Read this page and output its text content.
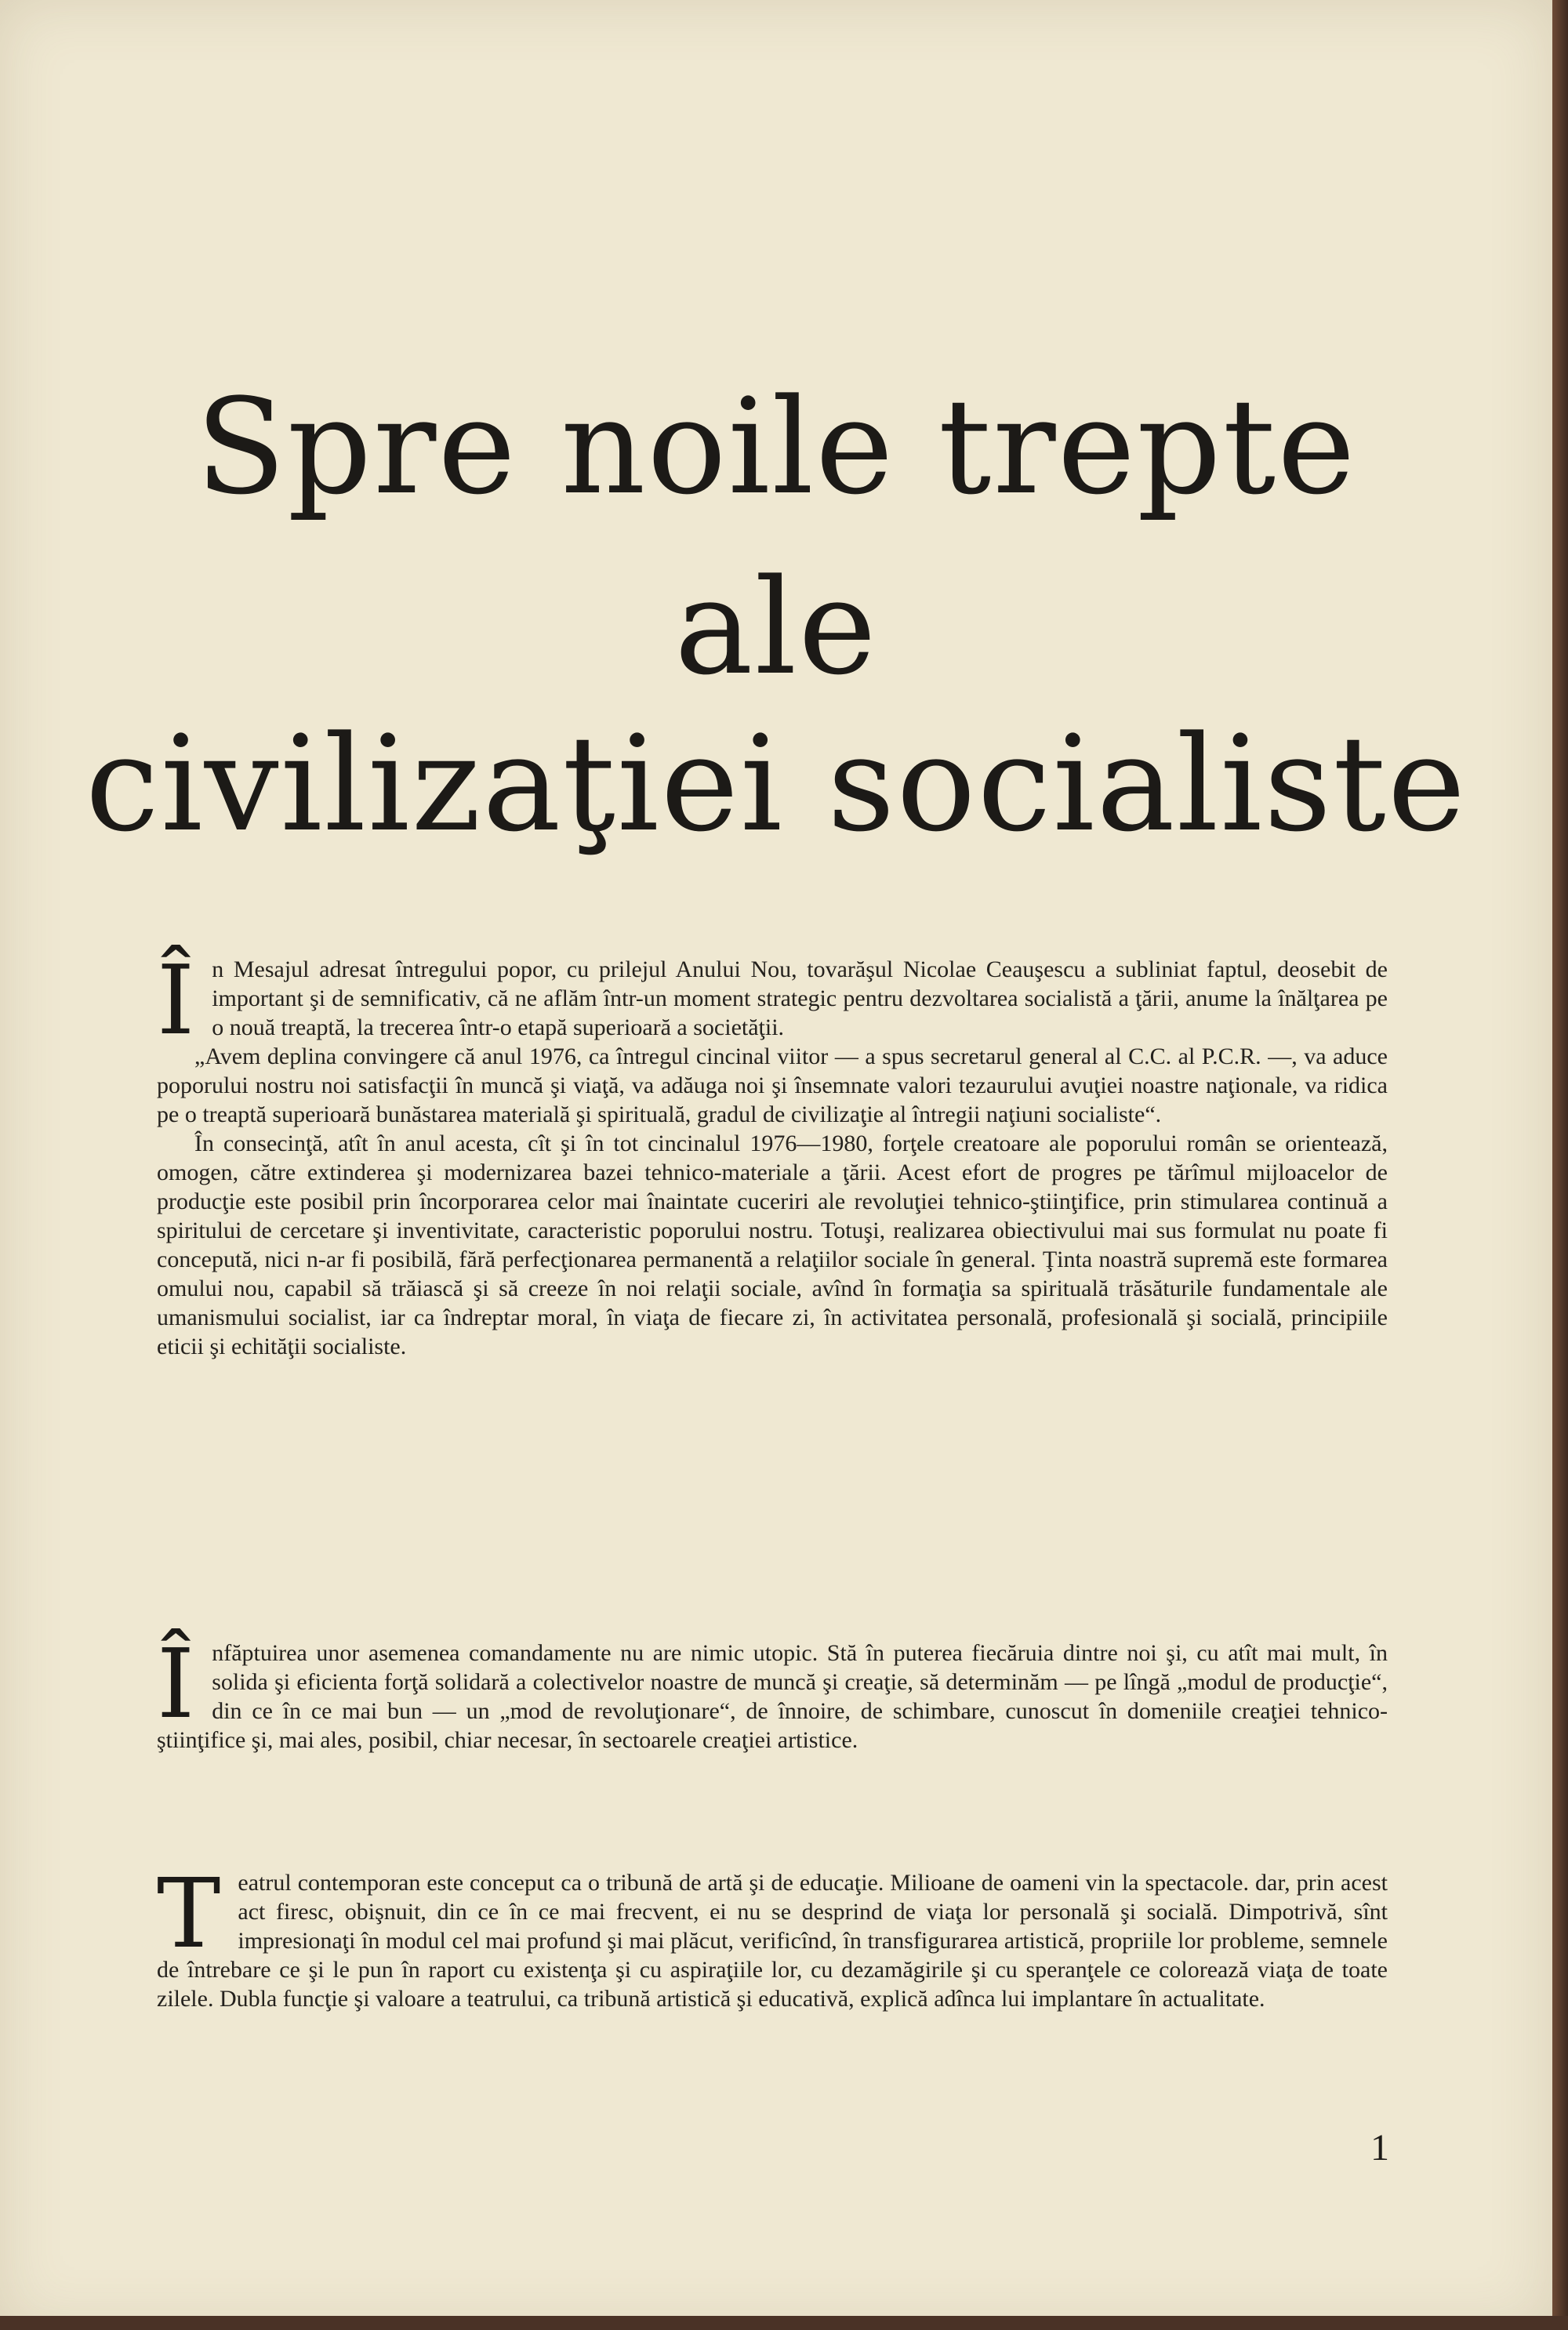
Spre noile trepte
ale
civilizaţiei socialiste

În Mesajul adresat întregului popor, cu prilejul Anului Nou, tovarăşul Nicolae Ceauşescu a subliniat faptul, deosebit de important şi de semnificativ, că ne aflăm într-un moment strategic pentru dezvoltarea socialistă a ţării, anume la înălţarea pe o nouă treaptă, la trecerea într-o etapă superioară a societăţii.

„Avem deplina convingere că anul 1976, ca întregul cincinal viitor — a spus secretarul general al C.C. al P.C.R. —, va aduce poporului nostru noi satisfacţii în muncă şi viaţă, va adăuga noi şi însemnate valori tezaurului avuţiei noastre naţionale, va ridica pe o treaptă superioară bunăstarea materială şi spirituală, gradul de civilizaţie al întregii naţiuni socialiste“.

În consecinţă, atît în anul acesta, cît şi în tot cincinalul 1976—1980, forţele creatoare ale poporului român se orientează, omogen, către extinderea şi modernizarea bazei tehnico-materiale a ţării. Acest efort de progres pe tărîmul mijloacelor de producţie este posibil prin încorporarea celor mai înaintate cuceriri ale revoluţiei tehnico-ştiinţifice, prin stimularea continuă a spiritului de cercetare şi inventivitate, caracteristic poporului nostru. Totuşi, realizarea obiectivului mai sus formulat nu poate fi concepută, nici n-ar fi posibilă, fără perfecţionarea permanentă a relaţiilor sociale în general. Ţinta noastră supremă este formarea omului nou, capabil să trăiască şi să creeze în noi relaţii sociale, avînd în formaţia sa spirituală trăsăturile fundamentale ale umanismului socialist, iar ca îndreptar moral, în viaţa de fiecare zi, în activitatea personală, profesională şi socială, principiile eticii şi echităţii socialiste.

Înfăptuirea unor asemenea comandamente nu are nimic utopic. Stă în puterea fiecăruia dintre noi şi, cu atît mai mult, în solida şi eficienta forţă solidară a colectivelor noastre de muncă şi creaţie, să determinăm — pe lîngă „modul de producţie“, din ce în ce mai bun — un „mod de revoluţionare“, de înnoire, de schimbare, cunoscut în domeniile creaţiei tehnico-ştiinţifice şi, mai ales, posibil, chiar necesar, în sectoarele creaţiei artistice.

Teatrul contemporan este conceput ca o tribună de artă şi de educaţie. Milioane de oameni vin la spectacole. dar, prin acest act firesc, obişnuit, din ce în ce mai frecvent, ei nu se desprind de viaţa lor personală şi socială. Dimpotrivă, sînt impresionaţi în modul cel mai profund şi mai plăcut, verificînd, în transfigurarea artistică, propriile lor probleme, semnele de întrebare ce şi le pun în raport cu existenţa şi cu aspiraţiile lor, cu dezamăgirile şi cu speranţele ce colorează viaţa de toate zilele. Dubla funcţie şi valoare a teatrului, ca tribună artistică şi educativă, explică adînca lui implantare în actualitate.

1
